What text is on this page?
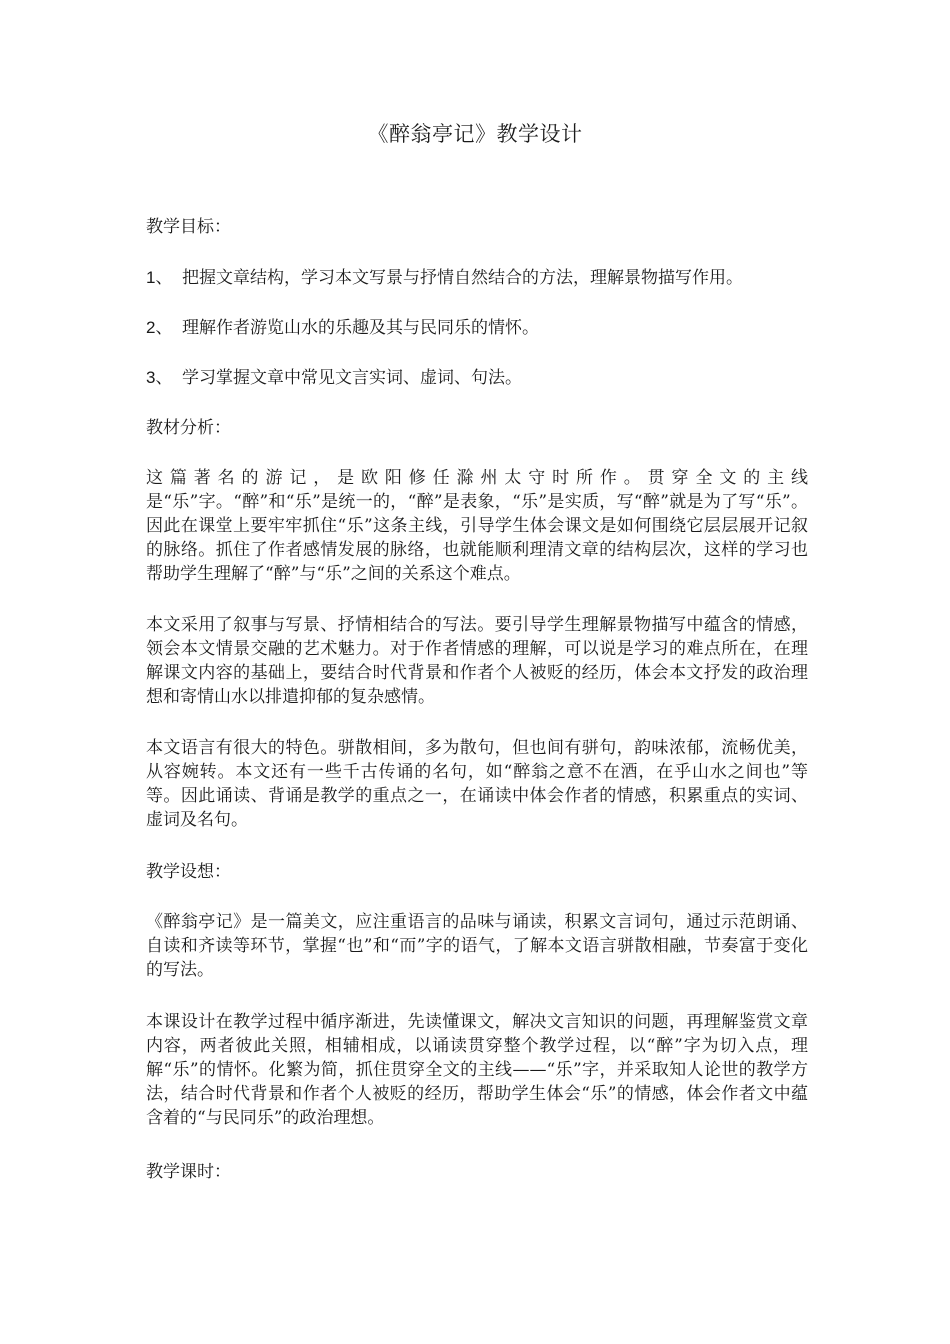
《醉翁亭记》教学设计
教学目标：
1、 把握文章结构，学习本文写景与抒情自然结合的方法，理解景物描写作用。
2、 理解作者游览山水的乐趣及其与民同乐的情怀。
3、 学习掌握文章中常见文言实词、虚词、句法。
教材分析：
这篇著名的游记，是欧阳修任滁州太守时所作。贯穿全文的主线是“乐”字。“醉”和“乐”是统一的，“醉”是表象，“乐”是实质，写“醉”就是为了写“乐”。因此在课堂上要牢牢抓住“乐”这条主线，引导学生体会课文是如何围绕它层层展开记叙的脉络。抓住了作者感情发展的脉络，也就能顺利理清文章的结构层次，这样的学习也帮助学生理解了“醉”与“乐”之间的关系这个难点。
本文采用了叙事与写景、抒情相结合的写法。要引导学生理解景物描写中蕴含的情感，领会本文情景交融的艺术魅力。对于作者情感的理解，可以说是学习的难点所在，在理解课文内容的基础上，要结合时代背景和作者个人被贬的经历，体会本文抒发的政治理想和寄情山水以排遣抑郁的复杂感情。
本文语言有很大的特色。骈散相间，多为散句，但也间有骈句，韵味浓郁，流畅优美，从容婉转。本文还有一些千古传诵的名句，如“醉翁之意不在酒，在乎山水之间也”等等。因此诵读、背诵是教学的重点之一，在诵读中体会作者的情感，积累重点的实词、虚词及名句。
教学设想：
《醉翁亭记》是一篇美文，应注重语言的品味与诵读，积累文言词句，通过示范朗诵、自读和齐读等环节，掌握“也”和“而”字的语气，了解本文语言骈散相融，节奏富于变化的写法。
本课设计在教学过程中循序渐进，先读懂课文，解决文言知识的问题，再理解鉴赏文章内容，两者彼此关照，相辅相成，以诵读贯穿整个教学过程，以“醉”字为切入点，理解“乐”的情怀。化繁为简，抓住贯穿全文的主线——“乐”字，并采取知人论世的教学方法，结合时代背景和作者个人被贬的经历，帮助学生体会“乐”的情感，体会作者文中蕴含着的“与民同乐”的政治理想。
教学课时：
